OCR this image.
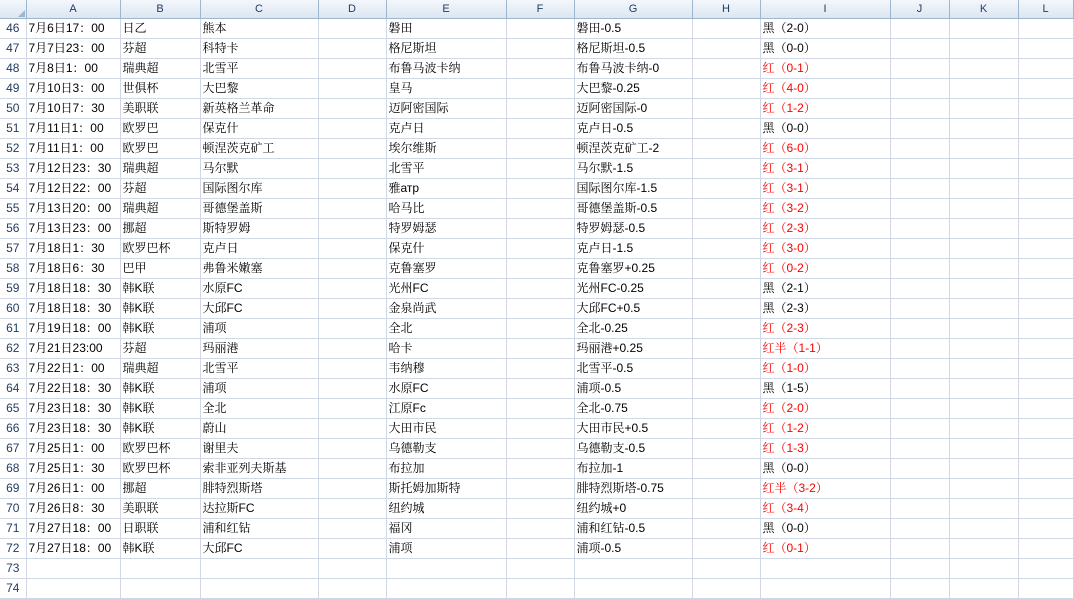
	A	B	C	D	E	F	G	H	I	J	K	L
46	7月6日17：00	日乙	熊本		磐田		磐田-0.5		黑（2-0）			
47	7月7日23：00	芬超	科特卡		格尼斯坦		格尼斯坦-0.5		黑（0-0）			
48	7月8日1：00	瑞典超	北雪平		布鲁马波卡纳		布鲁马波卡纳-0		红（0-1）			
49	7月10日3：00	世俱杯	大巴黎		皇马		大巴黎-0.25		红（4-0）			
50	7月10日7：30	美职联	新英格兰革命		迈阿密国际		迈阿密国际-0		红（1-2）			
51	7月11日1：00	欧罗巴	保克什		克卢日		克卢日-0.5		黑（0-0）			
52	7月11日1：00	欧罗巴	顿涅茨克矿工		埃尔维斯		顿涅茨克矿工-2		红（6-0）			
53	7月12日23：30	瑞典超	马尔默		北雪平		马尔默-1.5		红（3-1）			
54	7月12日22：00	芬超	国际图尔库		雅атр		国际图尔库-1.5		红（3-1）			
55	7月13日20：00	瑞典超	哥德堡盖斯		哈马比		哥德堡盖斯-0.5		红（3-2）			
56	7月13日23：00	挪超	斯特罗姆		特罗姆瑟		特罗姆瑟-0.5		红（2-3）			
57	7月18日1：30	欧罗巴杯	克卢日		保克什		克卢日-1.5		红（3-0）			
58	7月18日6：30	巴甲	弗鲁米嫩塞		克鲁塞罗		克鲁塞罗+0.25		红（0-2）			
59	7月18日18：30	韩K联	水原FC		光州FC		光州FC-0.25		黑（2-1）			
60	7月18日18：30	韩K联	大邱FC		金泉尚武		大邱FC+0.5		黑（2-3）			
61	7月19日18：00	韩K联	浦项		全北		全北-0.25		红（2-3）			
62	7月21日23:00	芬超	玛丽港		哈卡		玛丽港+0.25		红半（1-1）			
63	7月22日1：00	瑞典超	北雪平		韦纳穆		北雪平-0.5		红（1-0）			
64	7月22日18：30	韩K联	浦项		水原FC		浦项-0.5		黑（1-5）			
65	7月23日18：30	韩K联	全北		江原Fc		全北-0.75		红（2-0）			
66	7月23日18：30	韩K联	蔚山		大田市民		大田市民+0.5		红（1-2）			
67	7月25日1：00	欧罗巴杯	谢里夫		乌德勒支		乌德勒支-0.5		红（1-3）			
68	7月25日1：30	欧罗巴杯	索非亚列夫斯基		布拉加		布拉加-1		黑（0-0）			
69	7月26日1：00	挪超	腓特烈斯塔		斯托姆加斯特		腓特烈斯塔-0.75		红半（3-2）			
70	7月26日8：30	美职联	达拉斯FC		纽约城		纽约城+0		红（3-4）			
71	7月27日18：00	日职联	浦和红钻		福冈		浦和红钻-0.5		黑（0-0）			
72	7月27日18：00	韩K联	大邱FC		浦项		浦项-0.5		红（0-1）			
73												
74												
